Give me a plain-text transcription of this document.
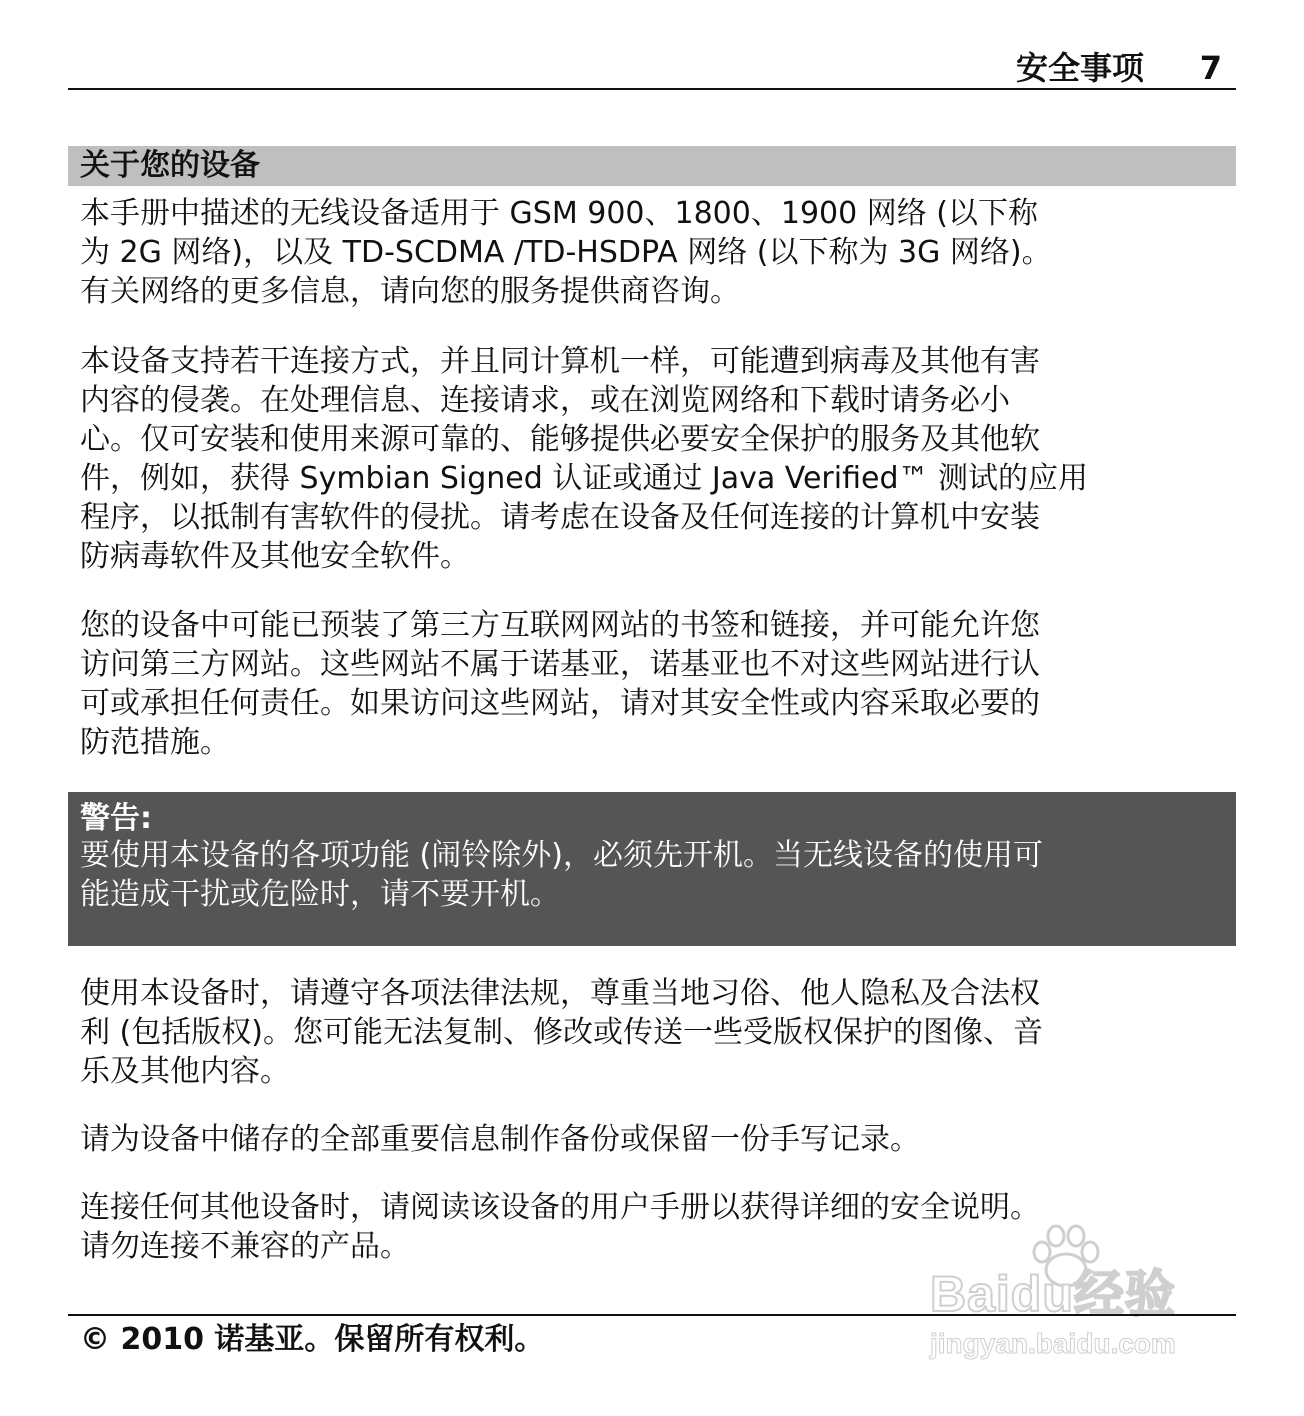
安全事项 7
关于您的设备
本手册中描述的无线设备适用于 GSM 900、1800、1900 网络 (以下称
为 2G 网络)，以及 TD-SCDMA /TD-HSDPA 网络 (以下称为 3G 网络)。
有关网络的更多信息，请向您的服务提供商咨询。
本设备支持若干连接方式，并且同计算机一样，可能遭到病毒及其他有害
内容的侵袭。在处理信息、连接请求，或在浏览网络和下载时请务必小
心。仅可安装和使用来源可靠的、能够提供必要安全保护的服务及其他软
件，例如，获得 Symbian Signed 认证或通过 Java Verified™ 测试的应用
程序，以抵制有害软件的侵扰。请考虑在设备及任何连接的计算机中安装
防病毒软件及其他安全软件。
您的设备中可能已预装了第三方互联网网站的书签和链接，并可能允许您
访问第三方网站。这些网站不属于诺基亚，诺基亚也不对这些网站进行认
可或承担任何责任。如果访问这些网站，请对其安全性或内容采取必要的
防范措施。
警告:
要使用本设备的各项功能 (闹铃除外)，必须先开机。当无线设备的使用可
能造成干扰或危险时，请不要开机。
使用本设备时，请遵守各项法律法规，尊重当地习俗、他人隐私及合法权
利 (包括版权)。您可能无法复制、修改或传送一些受版权保护的图像、音
乐及其他内容。
请为设备中储存的全部重要信息制作备份或保留一份手写记录。
连接任何其他设备时，请阅读该设备的用户手册以获得详细的安全说明。
请勿连接不兼容的产品。
Baidu经验
jingyan.baidu.com
© 2010 诺基亚。保留所有权利。
